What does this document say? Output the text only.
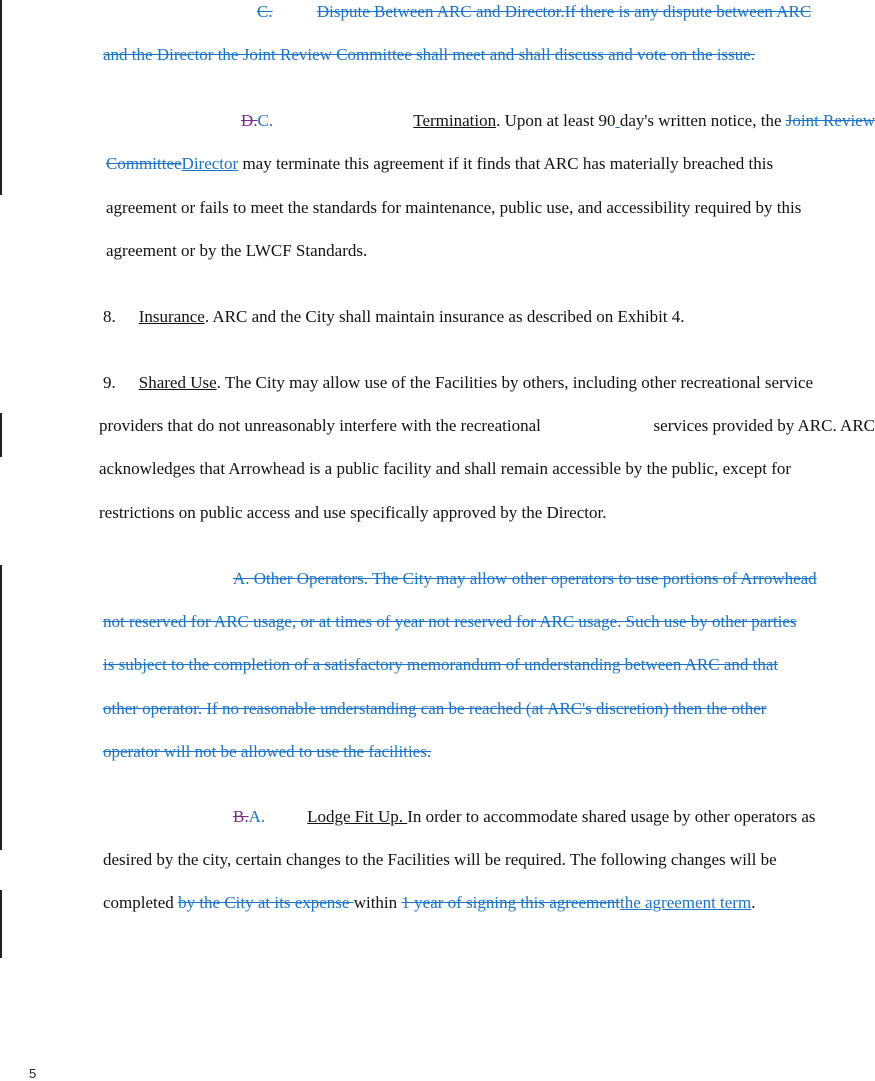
C.	Dispute Between ARC and Director.If there is any dispute between ARC
and the Director the Joint Review Committee shall meet and shall discuss and vote on the issue.
D.C.	Termination. Upon at least 90 day's written notice, the Joint Review
CommitteeDirector may terminate this agreement if it finds that ARC has materially breached this
agreement or fails to meet the standards for maintenance, public use, and accessibility required by this
agreement or by the LWCF Standards.
8. Insurance. ARC and the City shall maintain insurance as described on Exhibit 4.
9. Shared Use. The City may allow use of the Facilities by others, including other recreational service
providers that do not unreasonably interfere with the recreational	services provided by ARC. ARC
acknowledges that Arrowhead is a public facility and shall remain accessible by the public, except for
restrictions on public access and use specifically approved by the Director.
A. Other Operators. The City may allow other operators to use portions of Arrowhead
not reserved for ARC usage, or at times of year not reserved for ARC usage. Such use by other parties
is subject to the completion of a satisfactory memorandum of understanding between ARC and that
other operator. If no reasonable understanding can be reached (at ARC's discretion) then the other
operator will not be allowed to use the facilities.
B.A. Lodge Fit Up. In order to accommodate shared usage by other operators as
desired by the city, certain changes to the Facilities will be required. The following changes will be
completed by the City at its expense within 1 year of signing this agreementthe agreement term.
5
